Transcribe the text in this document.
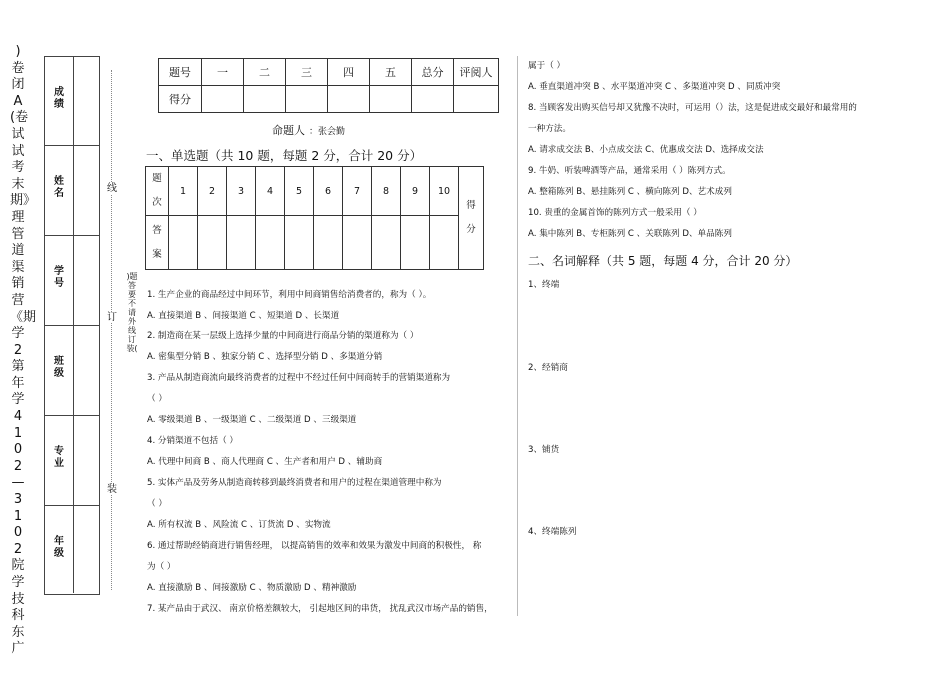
)卷闭A(卷试试考末期》理管道渠销营《期学2第年学4102—3102院学技科东广
成绩
姓名
学号
班级
专业
年级
线
订
装
)题答要不请外线订装(
题号	一	二	三	四	五	总分	评阅人
得分							
命题人 ：张会勤
一、单选题（共 10 题，每题 2 分，合计 20 分）
题
次	1	2	3	4	5	6	7	8	9	10	得
分
答
案											
1. 生产企业的商品经过中间环节，利用中间商销售给消费者的，称为（ ）。
A. 直接渠道 B 、间接渠道 C 、短渠道 D 、长渠道
2. 制造商在某一层级上选择少量的中间商进行商品分销的渠道称为（ ）
A. 密集型分销 B 、独家分销 C 、选择型分销 D 、多渠道分销
3. 产品从制造商流向最终消费者的过程中不经过任何中间商转手的营销渠道称为
（ ）
A. 零级渠道 B 、一级渠道 C 、二级渠道 D 、三级渠道
4. 分销渠道不包括（ ）
A. 代理中间商 B 、商人代理商 C 、生产者和用户 D 、辅助商
5. 实体产品及劳务从制造商转移到最终消费者和用户的过程在渠道管理中称为
（ ）
A. 所有权流 B 、风险流 C 、订货流 D 、实物流
6. 通过帮助经销商进行销售经理， 以提高销售的效率和效果为激发中间商的积极性， 称
为（ ）
A. 直接激励 B 、间接激励 C 、物质激励 D 、精神激励
7. 某产品由于武汉、 南京价格差额较大， 引起地区间的串货， 扰乱武汉市场产品的销售，
属于（ ）
A. 垂直渠道冲突 B 、水平渠道冲突 C 、多渠道冲突 D 、同质冲突
8. 当顾客发出购买信号却又犹豫不决时，可运用（）法，这是促进成交最好和最常用的
一种方法。
A. 请求成交法 B、小点成交法 C、优惠成交法 D、选择成交法
9. 牛奶、听装啤酒等产品，通常采用（ ）陈列方式。
A. 整箱陈列 B、悬挂陈列 C 、横向陈列 D、艺术成列
10. 贵重的金属首饰的陈列方式一般采用（ ）
A. 集中陈列 B、专柜陈列 C 、关联陈列 D、单品陈列
二、名词解释（共 5 题，每题 4 分，合计 20 分）
1、终端
2、经销商
3、铺货
4、终端陈列
